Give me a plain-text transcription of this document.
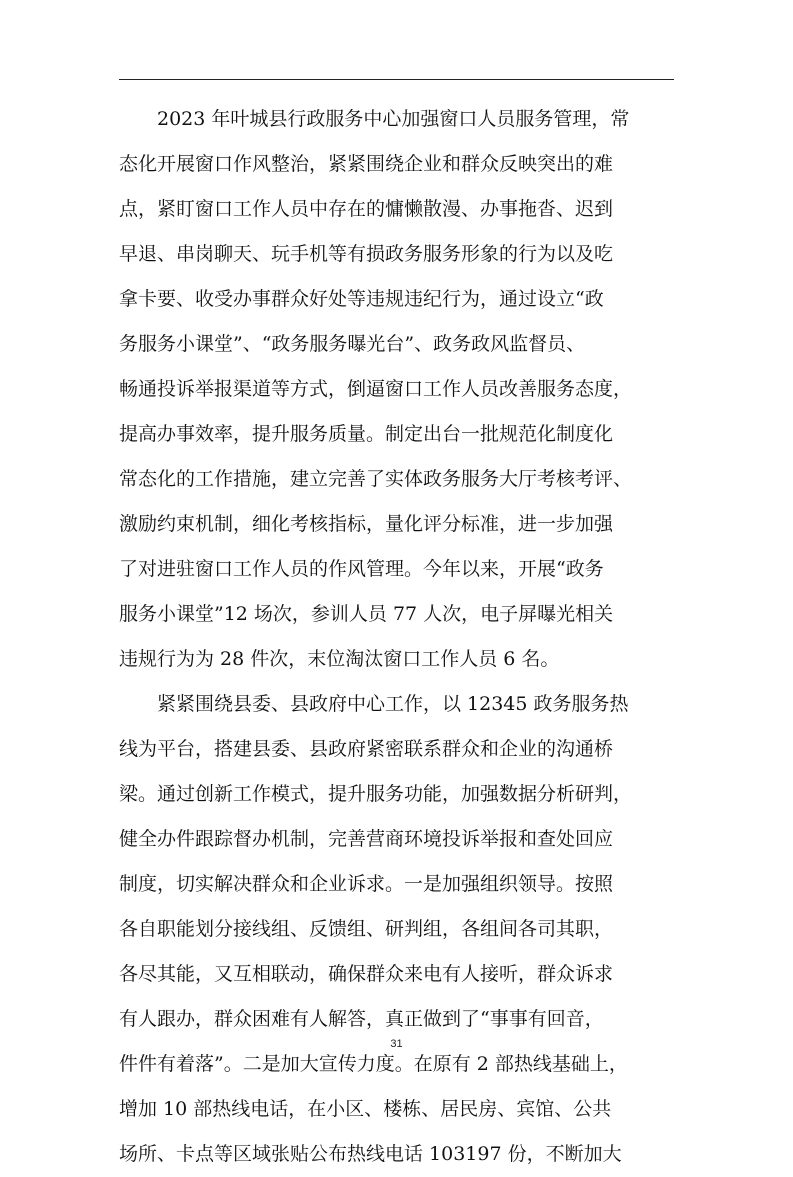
2023 年叶城县行政服务中心加强窗口人员服务管理，常
态化开展窗口作风整治，紧紧围绕企业和群众反映突出的难
点，紧盯窗口工作人员中存在的慵懒散漫、办事拖沓、迟到
早退、串岗聊天、玩手机等有损政务服务形象的行为以及吃
拿卡要、收受办事群众好处等违规违纪行为，通过设立“政
务服务小课堂”、“政务服务曝光台”、政务政风监督员、
畅通投诉举报渠道等方式，倒逼窗口工作人员改善服务态度，
提高办事效率，提升服务质量。制定出台一批规范化制度化
常态化的工作措施，建立完善了实体政务服务大厅考核考评、
激励约束机制，细化考核指标，量化评分标准，进一步加强
了对进驻窗口工作人员的作风管理。今年以来，开展“政务
服务小课堂”12 场次，参训人员 77 人次，电子屏曝光相关
违规行为为 28 件次，末位淘汰窗口工作人员 6 名。
紧紧围绕县委、县政府中心工作，以 12345 政务服务热
线为平台，搭建县委、县政府紧密联系群众和企业的沟通桥
梁。通过创新工作模式，提升服务功能，加强数据分析研判，
健全办件跟踪督办机制，完善营商环境投诉举报和查处回应
制度，切实解决群众和企业诉求。一是加强组织领导。按照
各自职能划分接线组、反馈组、研判组，各组间各司其职，
各尽其能，又互相联动，确保群众来电有人接听，群众诉求
有人跟办，群众困难有人解答，真正做到了“事事有回音，
件件有着落”。二是加大宣传力度。在原有 2 部热线基础上，
增加 10 部热线电话，在小区、楼栋、居民房、宾馆、公共
场所、卡点等区域张贴公布热线电话 103197 份，不断加大
31
